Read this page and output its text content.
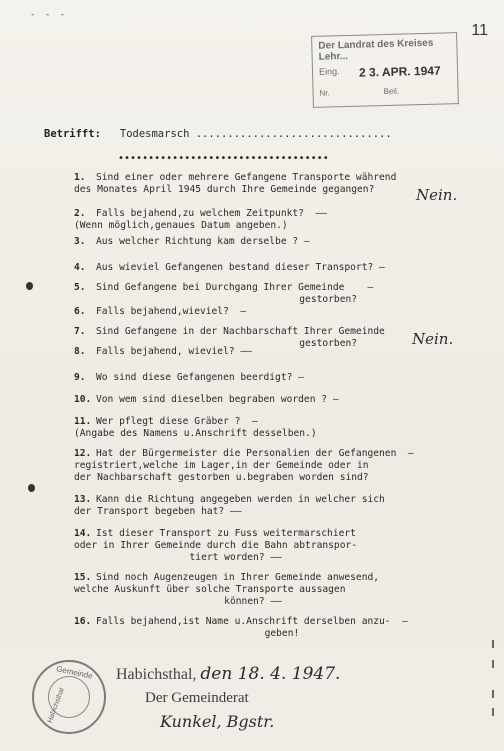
- - -
11
Der Landrat des Kreises Lehr...
Eing. 2 3. APR. 1947
Nr.	Beil.
Betrifft: Todesmarsch ...............................
•••••••••••••••••••••••••••••••••••
1. Sind einer oder mehrere Gefangene Transporte während
des Monates April 1945 durch Ihre Gemeinde gegangen?	Nein.
2. Falls bejahend,zu welchem Zeitpunkt?  ——
(Wenn möglich,genaues Datum angeben.)
3. Aus welcher Richtung kam derselbe ? —
4. Aus wieviel Gefangenen bestand dieser Transport? —
5. Sind Gefangene bei Durchgang Ihrer Gemeinde    —
gestorben?
6. Falls bejahend,wieviel?  —
7. Sind Gefangene in der Nachbarschaft Ihrer Gemeinde
gestorben?	Nein.
8. Falls bejahend, wieviel? ——
9. Wo sind diese Gefangenen beerdigt? —
10. Von wem sind dieselben begraben worden ? —
11. Wer pflegt diese Gräber ?  —
(Angabe des Namens u.Anschrift desselben.)
12. Hat der Bürgermeister die Personalien der Gefangenen  —
registriert,welche im Lager,in der Gemeinde oder in
der Nachbarschaft gestorben u.begraben worden sind?
13. Kann die Richtung angegeben werden in welcher sich
der Transport begeben hat? ——
14. Ist dieser Transport zu Fuss weitermarschiert
oder in Ihrer Gemeinde durch die Bahn abtranspor-
tiert worden? ——
15. Sind noch Augenzeugen in Ihrer Gemeinde anwesend,
welche Auskunft über solche Transporte aussagen
können? ——
16. Falls bejahend,ist Name u.Anschrift derselben anzu-  —
geben!
Gemeinde
Habichsthal
Habichsthal, den 18. 4. 1947.
Der Gemeinderat
Kunkel, Bgstr.
